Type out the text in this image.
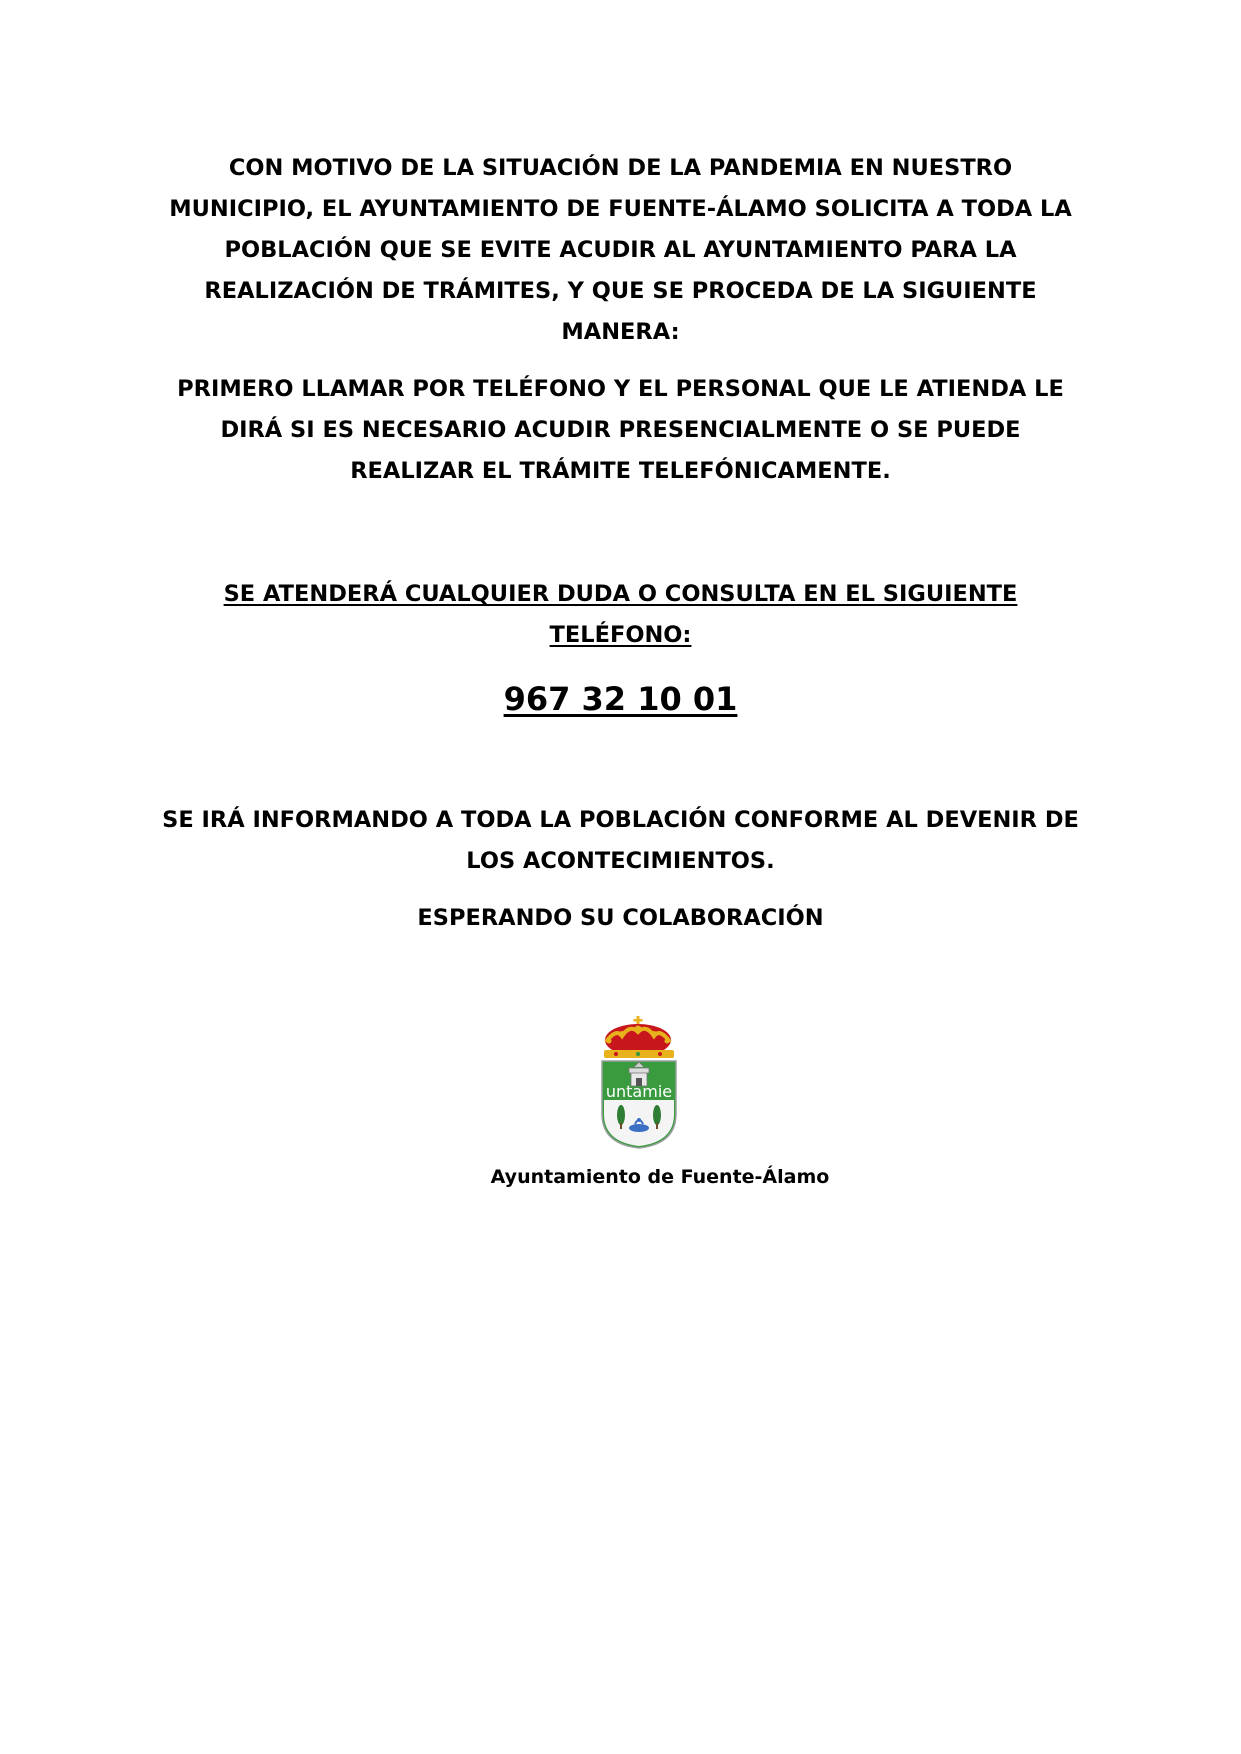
CON MOTIVO DE LA SITUACIÓN DE LA PANDEMIA EN NUESTRO MUNICIPIO, EL AYUNTAMIENTO DE FUENTE-ÁLAMO SOLICITA A TODA LA POBLACIÓN QUE SE EVITE ACUDIR AL AYUNTAMIENTO PARA LA REALIZACIÓN DE TRÁMITES, Y QUE SE PROCEDA DE LA SIGUIENTE MANERA:

PRIMERO LLAMAR POR TELÉFONO Y EL PERSONAL QUE LE ATIENDA LE DIRÁ SI ES NECESARIO ACUDIR PRESENCIALMENTE O SE PUEDE REALIZAR EL TRÁMITE TELEFÓNICAMENTE.

SE ATENDERÁ CUALQUIER DUDA O CONSULTA EN EL SIGUIENTE TELÉFONO:

967 32 10 01

SE IRÁ INFORMANDO A TODA LA POBLACIÓN CONFORME AL DEVENIR DE LOS ACONTECIMIENTOS.

ESPERANDO SU COLABORACIÓN

untamie
Ayuntamiento de Fuente-Álamo
